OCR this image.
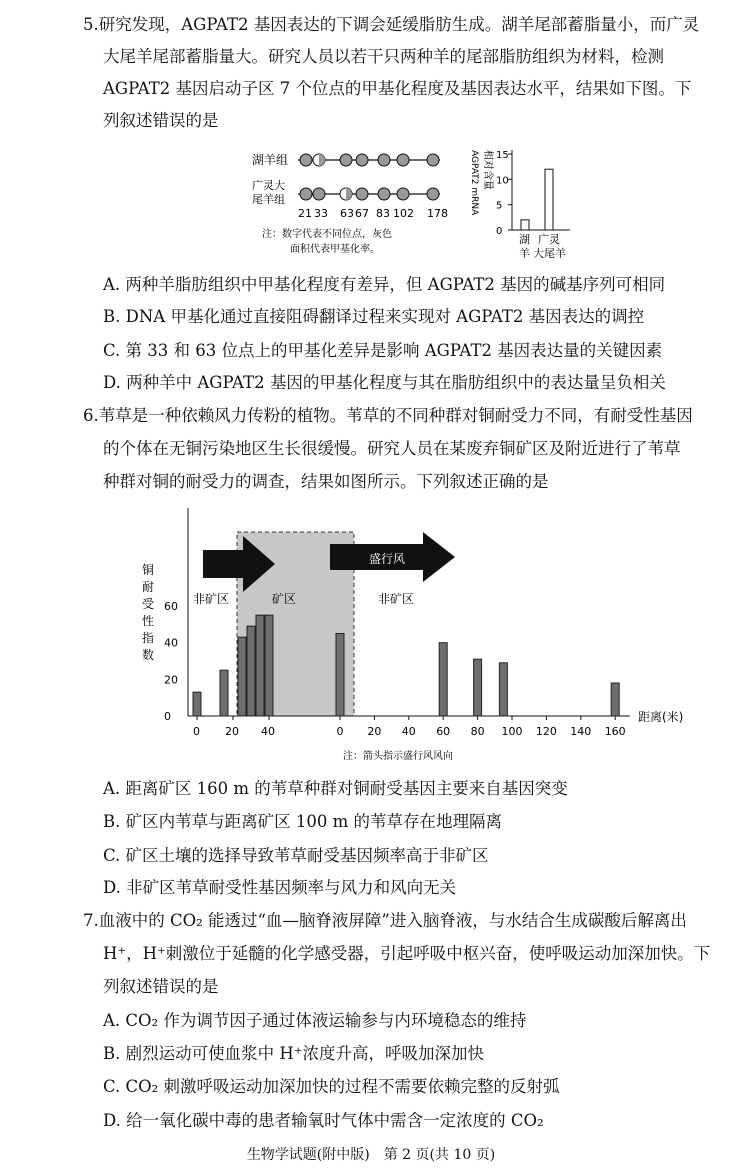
5.研究发现，AGPAT2 基因表达的下调会延缓脂肪生成。湖羊尾部蓄脂量小，而广灵
大尾羊尾部蓄脂量大。研究人员以若干只两种羊的尾部脂肪组织为材料，检测
AGPAT2 基因启动子区 7 个位点的甲基化程度及基因表达水平，结果如下图。下
列叙述错误的是
湖羊组
广灵大
尾羊组
21 33 63 67 83 102 178
注：数字代表不同位点，灰色
面积代表甲基化率。
AGPAT2 mRNA 相对含量 15
10
5
0
湖 广灵
羊 大尾羊
A. 两种羊脂肪组织中甲基化程度有差异，但 AGPAT2 基因的碱基序列可相同
B. DNA 甲基化通过直接阻碍翻译过程来实现对 AGPAT2 基因表达的调控
C. 第 33 和 63 位点上的甲基化差异是影响 AGPAT2 基因表达量的关键因素
D. 两种羊中 AGPAT2 基因的甲基化程度与其在脂肪组织中的表达量呈负相关
6.苇草是一种依赖风力传粉的植物。苇草的不同种群对铜耐受力不同，有耐受性基因
的个体在无铜污染地区生长很缓慢。研究人员在某废弃铜矿区及附近进行了苇草
种群对铜的耐受力的调查，结果如图所示。下列叙述正确的是
盛行风
0
20
40
60
0 20 40	0 20 40 60 80 100 120 140 160
铜
耐
受
性
指
数
非矿区	矿区	非矿区
距离(米)
注：箭头指示盛行风风向
A. 距离矿区 160 m 的苇草种群对铜耐受基因主要来自基因突变
B. 矿区内苇草与距离矿区 100 m 的苇草存在地理隔离
C. 矿区土壤的选择导致苇草耐受基因频率高于非矿区
D. 非矿区苇草耐受性基因频率与风力和风向无关
7.血液中的 CO₂ 能透过“血—脑脊液屏障”进入脑脊液，与水结合生成碳酸后解离出
H⁺，H⁺刺激位于延髓的化学感受器，引起呼吸中枢兴奋，使呼吸运动加深加快。下
列叙述错误的是
A. CO₂ 作为调节因子通过体液运输参与内环境稳态的维持
B. 剧烈运动可使血浆中 H⁺浓度升高，呼吸加深加快
C. CO₂ 刺激呼吸运动加深加快的过程不需要依赖完整的反射弧
D. 给一氧化碳中毒的患者输氧时气体中需含一定浓度的 CO₂
生物学试题(附中版)　第 2 页(共 10 页)
